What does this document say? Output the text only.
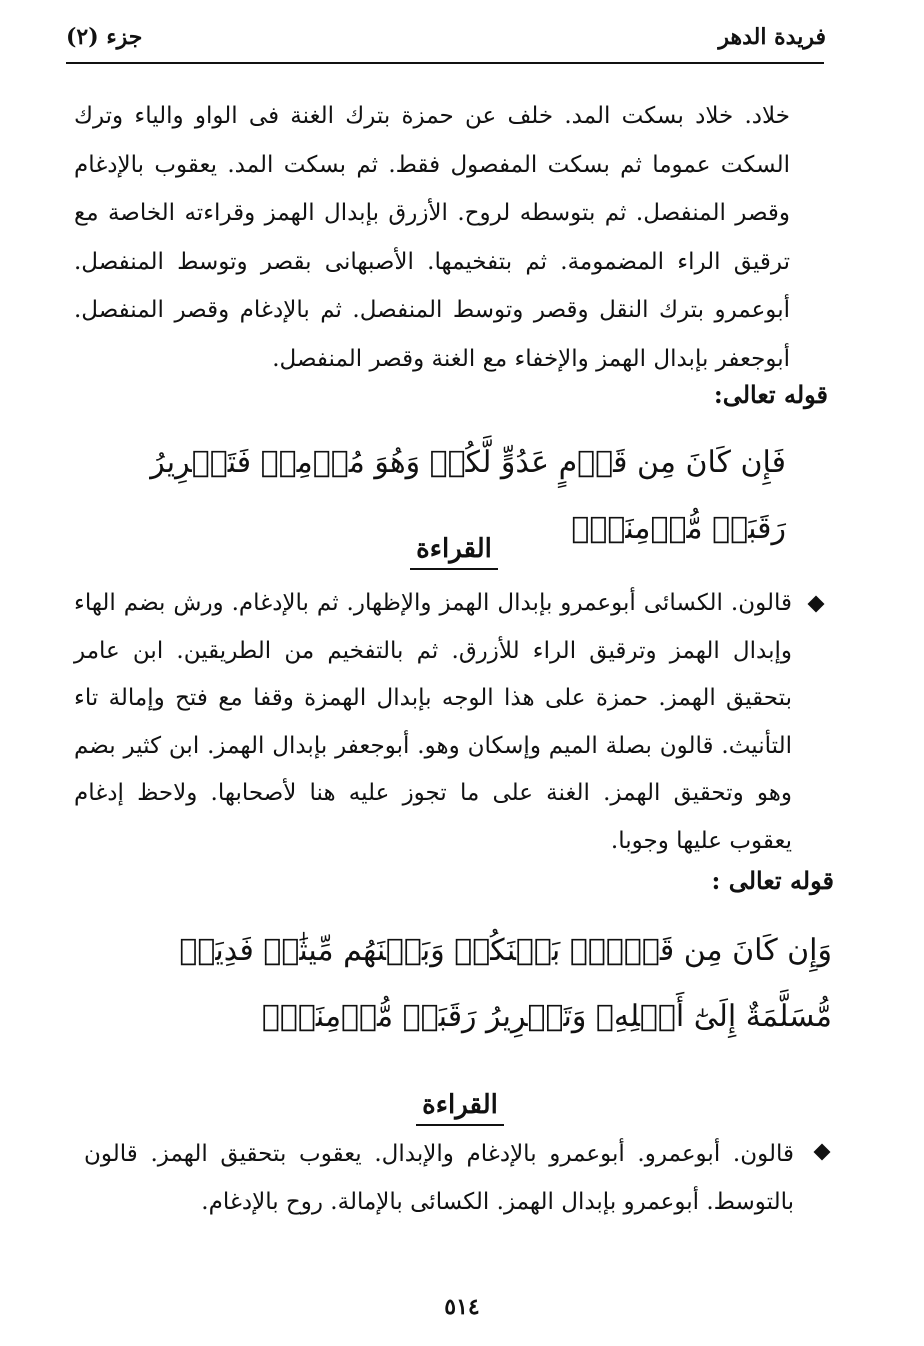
فريدة الدهر
جزء (٢)
خلاد. خلاد بسكت المد. خلف عن حمزة بترك الغنة فى الواو والياء وترك السكت عموما ثم بسكت المفصول فقط. ثم بسكت المد. يعقوب بالإدغام وقصر المنفصل. ثم بتوسطه لروح. الأزرق بإبدال الهمز وقراءته الخاصة مع ترقيق الراء المضمومة. ثم بتفخيمها. الأصبهانى بقصر وتوسط المنفصل. أبوعمرو بترك النقل وقصر وتوسط المنفصل. ثم بالإدغام وقصر المنفصل. أبوجعفر بإبدال الهمز والإخفاء مع الغنة وقصر المنفصل.
قوله تعالى:
فَإِن كَانَ مِن قَوۡمٍ عَدُوٍّ لَّكُمۡ وَهُوَ مُؤۡمِنٞ فَتَحۡرِيرُ رَقَبَةٖ مُّؤۡمِنَةٖۖ
القراءة
قالون. الكسائى أبوعمرو بإبدال الهمز والإظهار. ثم بالإدغام. ورش بضم الهاء وإبدال الهمز وترقيق الراء للأزرق. ثم بالتفخيم من الطريقين. ابن عامر بتحقيق الهمز. حمزة على هذا الوجه بإبدال الهمزة وقفا مع فتح وإمالة تاء التأنيث. قالون بصلة الميم وإسكان وهو. أبوجعفر بإبدال الهمز. ابن كثير بضم وهو وتحقيق الهمز. الغنة على ما تجوز عليه هنا لأصحابها. ولاحظ إدغام يعقوب عليها وجوبا.
قوله تعالى :
وَإِن كَانَ مِن قَوۡمِۭ بَيۡنَكُمۡ وَبَيۡنَهُم مِّيثَٰقٞ فَدِيَةٞ مُّسَلَّمَةٌ إِلَىٰٓ أَهۡلِهِۦ وَتَحۡرِيرُ رَقَبَةٖ مُّؤۡمِنَةٖۖ
القراءة
قالون. أبوعمرو. أبوعمرو بالإدغام والإبدال. يعقوب بتحقيق الهمز. قالون بالتوسط. أبوعمرو بإبدال الهمز. الكسائى بالإمالة. روح بالإدغام.
٥١٤
